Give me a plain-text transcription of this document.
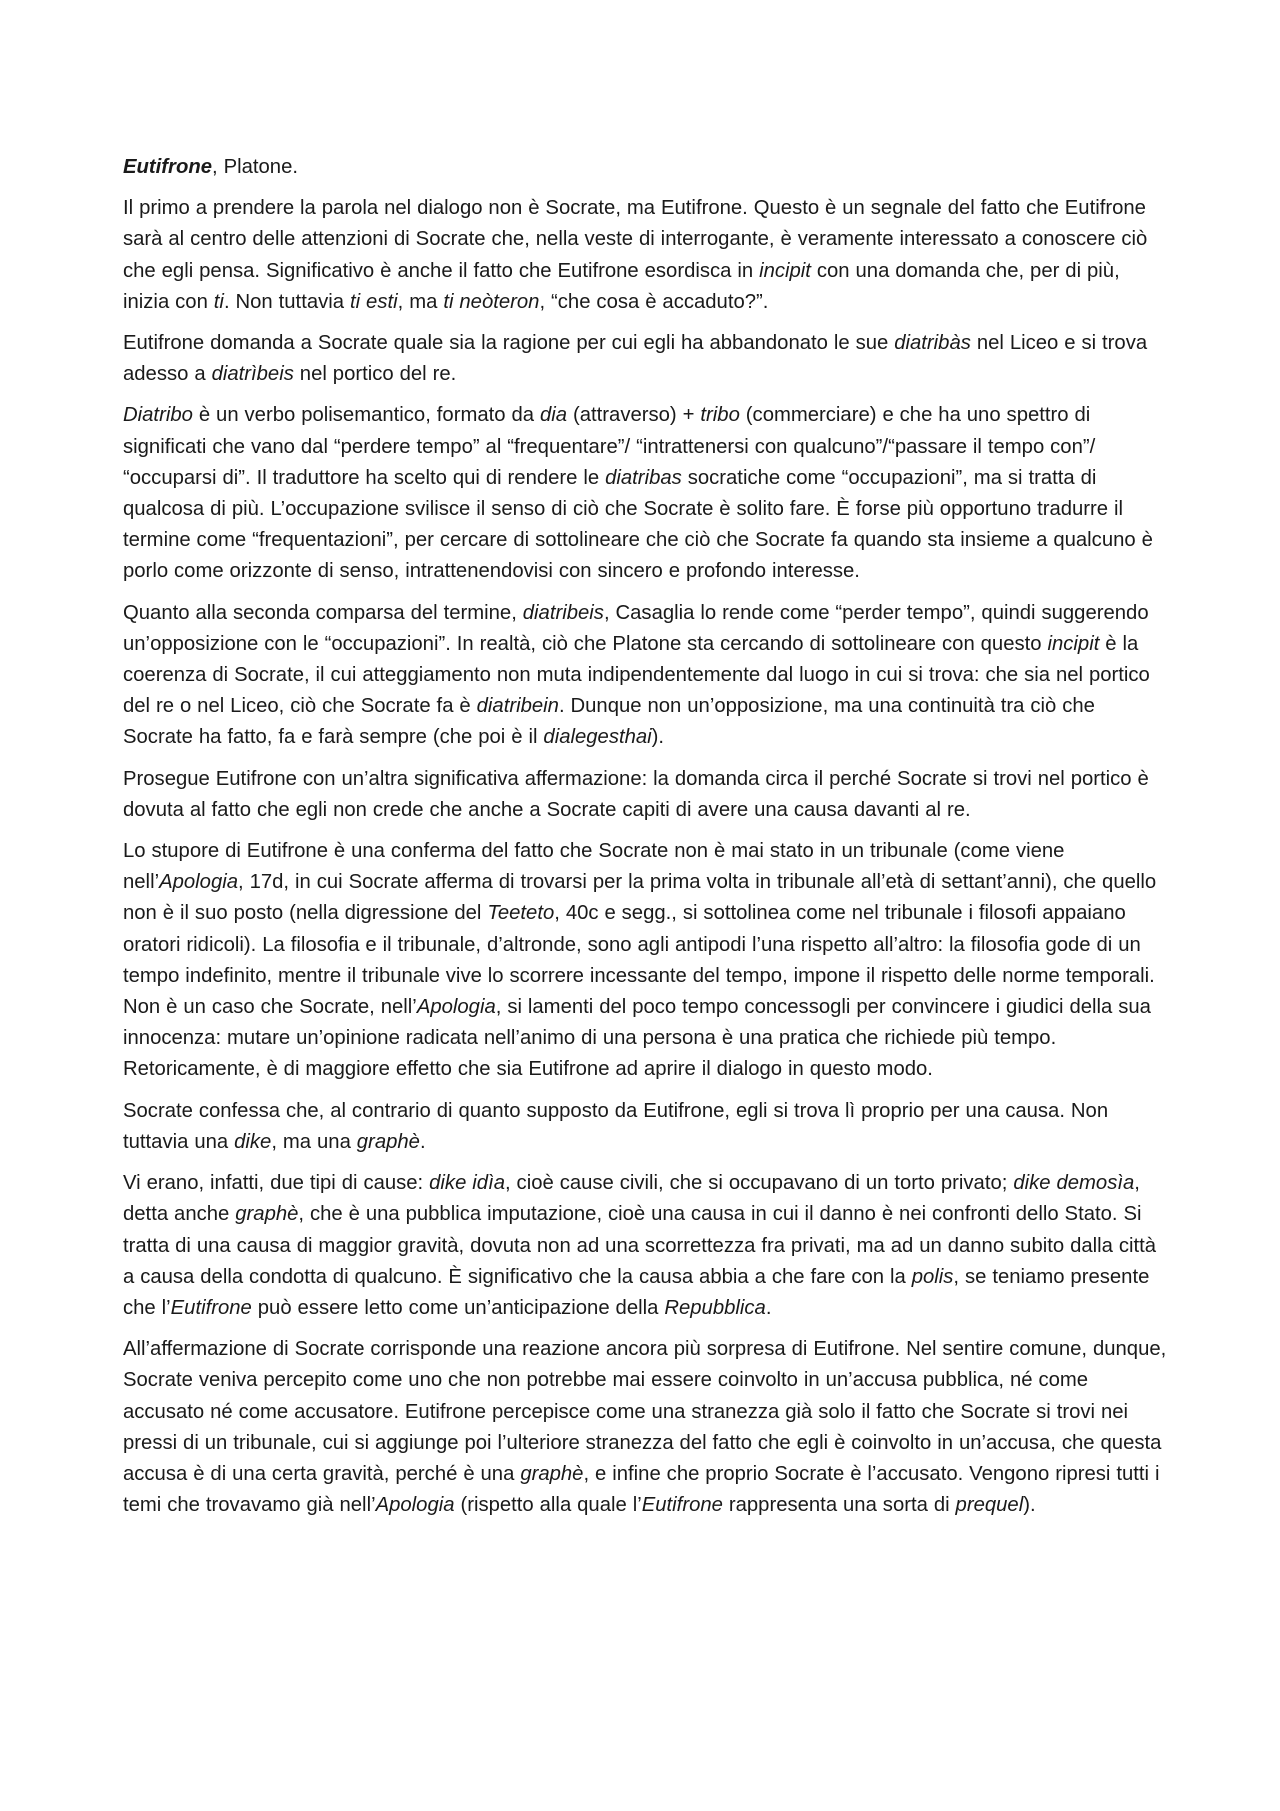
Eutifrone, Platone.

Il primo a prendere la parola nel dialogo non è Socrate, ma Eutifrone. Questo è un segnale del fatto che Eutifrone sarà al centro delle attenzioni di Socrate che, nella veste di interrogante, è veramente interessato a conoscere ciò che egli pensa. Significativo è anche il fatto che Eutifrone esordisca in incipit con una domanda che, per di più, inizia con ti. Non tuttavia ti esti, ma ti neòteron, “che cosa è accaduto?”.

Eutifrone domanda a Socrate quale sia la ragione per cui egli ha abbandonato le sue diatribàs nel Liceo e si trova adesso a diatrìbeis nel portico del re.

Diatribo è un verbo polisemantico, formato da dia (attraverso) + tribo (commerciare) e che ha uno spettro di significati che vano dal “perdere tempo” al “frequentare”/ “intrattenersi con qualcuno”/“passare il tempo con”/ “occuparsi di”. Il traduttore ha scelto qui di rendere le diatribas socratiche come “occupazioni”, ma si tratta di qualcosa di più. L’occupazione svilisce il senso di ciò che Socrate è solito fare. È forse più opportuno tradurre il termine come “frequentazioni”, per cercare di sottolineare che ciò che Socrate fa quando sta insieme a qualcuno è porlo come orizzonte di senso, intrattenendovisi con sincero e profondo interesse.

Quanto alla seconda comparsa del termine, diatribeis, Casaglia lo rende come “perder tempo”, quindi suggerendo un’opposizione con le “occupazioni”. In realtà, ciò che Platone sta cercando di sottolineare con questo incipit è la coerenza di Socrate, il cui atteggiamento non muta indipendentemente dal luogo in cui si trova: che sia nel portico del re o nel Liceo, ciò che Socrate fa è diatribein. Dunque non un’opposizione, ma una continuità tra ciò che Socrate ha fatto, fa e farà sempre (che poi è il dialegesthai).

Prosegue Eutifrone con un’altra significativa affermazione: la domanda circa il perché Socrate si trovi nel portico è dovuta al fatto che egli non crede che anche a Socrate capiti di avere una causa davanti al re.

Lo stupore di Eutifrone è una conferma del fatto che Socrate non è mai stato in un tribunale (come viene nell’Apologia, 17d, in cui Socrate afferma di trovarsi per la prima volta in tribunale all’età di settant’anni), che quello non è il suo posto (nella digressione del Teeteto, 40c e segg., si sottolinea come nel tribunale i filosofi appaiano oratori ridicoli). La filosofia e il tribunale, d’altronde, sono agli antipodi l’una rispetto all’altro: la filosofia gode di un tempo indefinito, mentre il tribunale vive lo scorrere incessante del tempo, impone il rispetto delle norme temporali. Non è un caso che Socrate, nell’Apologia, si lamenti del poco tempo concessogli per convincere i giudici della sua innocenza: mutare un’opinione radicata nell’animo di una persona è una pratica che richiede più tempo. Retoricamente, è di maggiore effetto che sia Eutifrone ad aprire il dialogo in questo modo.

Socrate confessa che, al contrario di quanto supposto da Eutifrone, egli si trova lì proprio per una causa. Non tuttavia una dike, ma una graphè.

Vi erano, infatti, due tipi di cause: dike idìa, cioè cause civili, che si occupavano di un torto privato; dike demosìa, detta anche graphè, che è una pubblica imputazione, cioè una causa in cui il danno è nei confronti dello Stato. Si tratta di una causa di maggior gravità, dovuta non ad una scorrettezza fra privati, ma ad un danno subito dalla città a causa della condotta di qualcuno. È significativo che la causa abbia a che fare con la polis, se teniamo presente che l’Eutifrone può essere letto come un’anticipazione della Repubblica.

All’affermazione di Socrate corrisponde una reazione ancora più sorpresa di Eutifrone. Nel sentire comune, dunque, Socrate veniva percepito come uno che non potrebbe mai essere coinvolto in un’accusa pubblica, né come accusato né come accusatore. Eutifrone percepisce come una stranezza già solo il fatto che Socrate si trovi nei pressi di un tribunale, cui si aggiunge poi l’ulteriore stranezza del fatto che egli è coinvolto in un’accusa, che questa accusa è di una certa gravità, perché è una graphè, e infine che proprio Socrate è l’accusato. Vengono ripresi tutti i temi che trovavamo già nell’Apologia (rispetto alla quale l’Eutifrone rappresenta una sorta di prequel).
